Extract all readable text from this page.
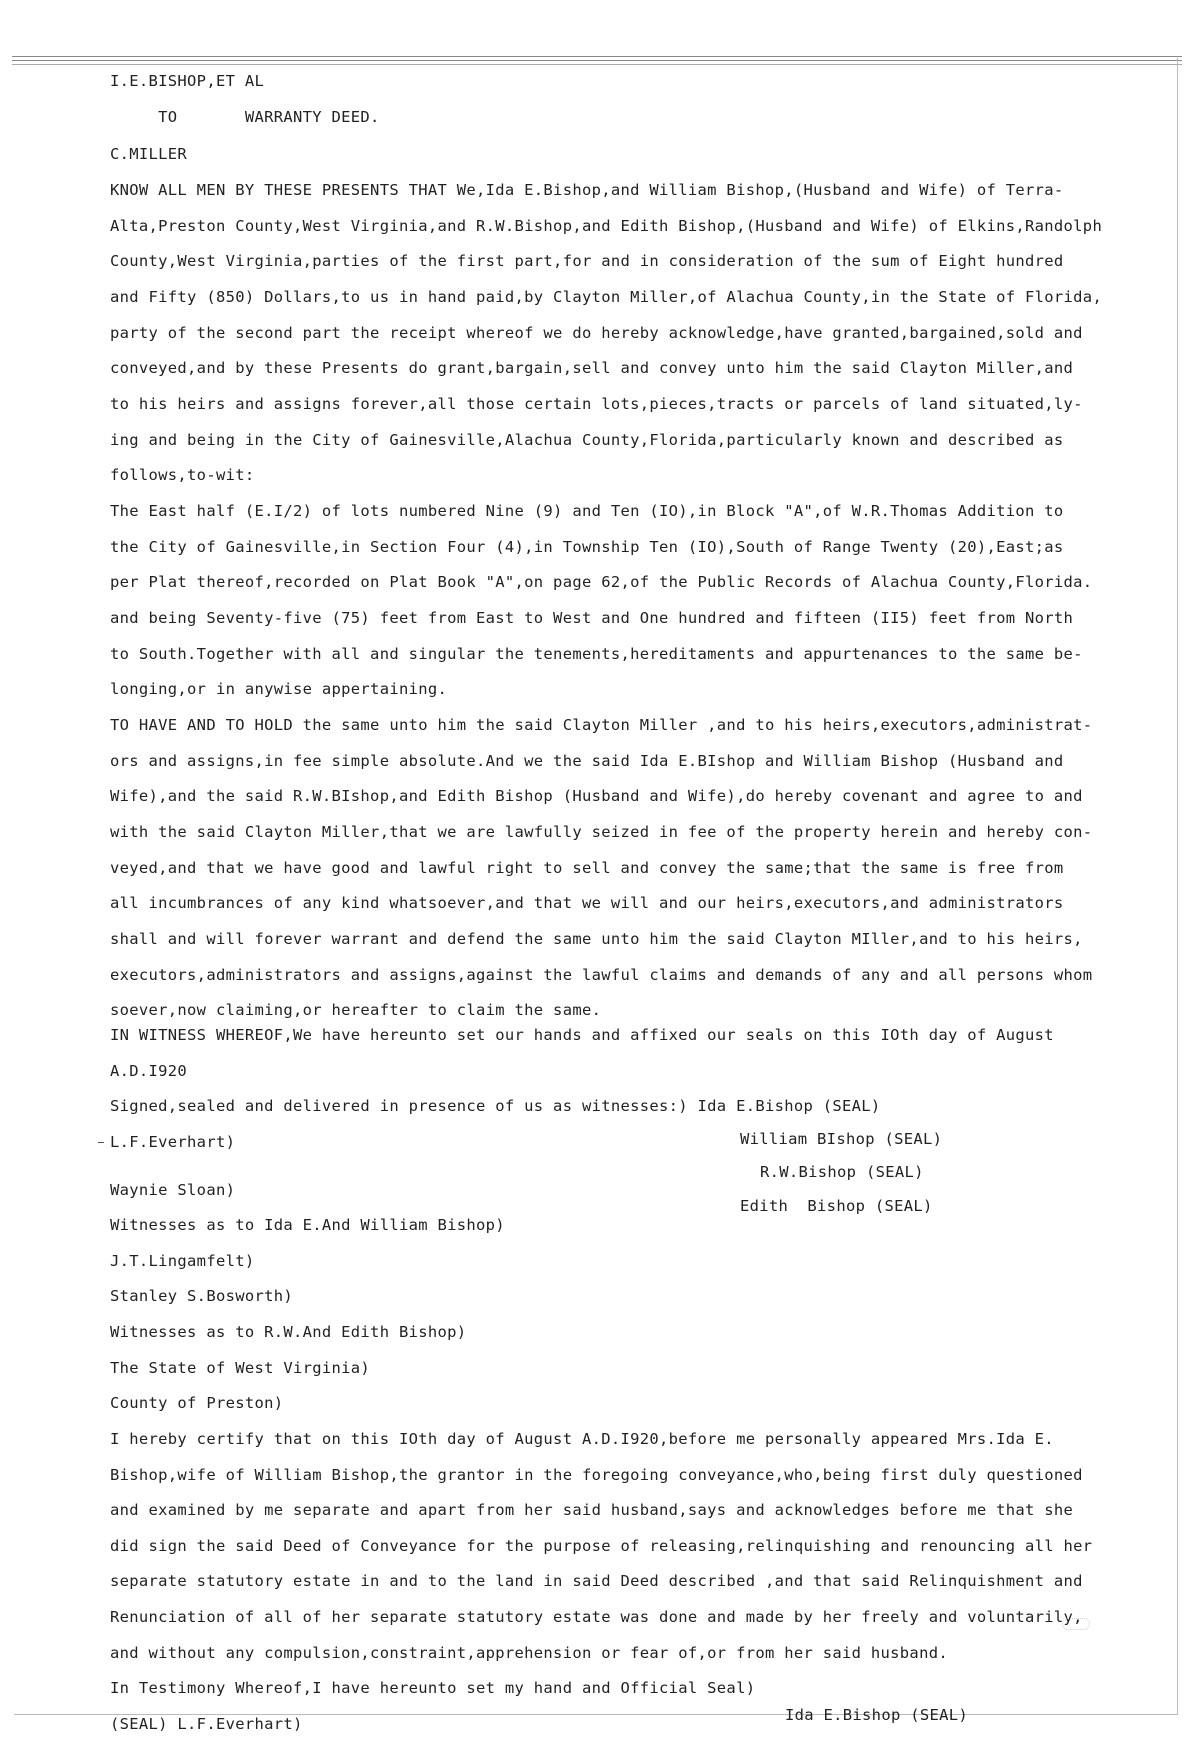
I.E.BISHOP,ET AL
TO       WARRANTY DEED.
C.MILLER
KNOW ALL MEN BY THESE PRESENTS THAT We,Ida E.Bishop,and William Bishop,(Husband and Wife) of Terra-
Alta,Preston County,West Virginia,and R.W.Bishop,and Edith Bishop,(Husband and Wife) of Elkins,Randolph
County,West Virginia,parties of the first part,for and in consideration of the sum of Eight hundred
and Fifty (850) Dollars,to us in hand paid,by Clayton Miller,of Alachua County,in the State of Florida,
party of the second part the receipt whereof we do hereby acknowledge,have granted,bargained,sold and
conveyed,and by these Presents do grant,bargain,sell and convey unto him the said Clayton Miller,and
to his heirs and assigns forever,all those certain lots,pieces,tracts or parcels of land situated,ly-
ing and being in the City of Gainesville,Alachua County,Florida,particularly known and described as
follows,to-wit:
The East half (E.I/2) of lots numbered Nine (9) and Ten (IO),in Block "A",of W.R.Thomas Addition to
the City of Gainesville,in Section Four (4),in Township Ten (IO),South of Range Twenty (20),East;as
per Plat thereof,recorded on Plat Book "A",on page 62,of the Public Records of Alachua County,Florida.
and being Seventy-five (75) feet from East to West and One hundred and fifteen (II5) feet from North
to South.Together with all and singular the tenements,hereditaments and appurtenances to the same be-
longing,or in anywise appertaining.
TO HAVE AND TO HOLD the same unto him the said Clayton Miller ,and to his heirs,executors,administrat-
ors and assigns,in fee simple absolute.And we the said Ida E.BIshop and William Bishop (Husband and
Wife),and the said R.W.BIshop,and Edith Bishop (Husband and Wife),do hereby covenant and agree to and
with the said Clayton Miller,that we are lawfully seized in fee of the property herein and hereby con-
veyed,and that we have good and lawful right to sell and convey the same;that the same is free from
all incumbrances of any kind whatsoever,and that we will and our heirs,executors,and administrators
shall and will forever warrant and defend the same unto him the said Clayton MIller,and to his heirs,
executors,administrators and assigns,against the lawful claims and demands of any and all persons whom
soever,now claiming,or hereafter to claim the same.
IN WITNESS WHEREOF,We have hereunto set our hands and affixed our seals on this IOth day of August
A.D.I920
Signed,sealed and delivered in presence of us as witnesses:) Ida E.Bishop (SEAL)
L.F.Everhart)
Waynie Sloan)
Witnesses as to Ida E.And William Bishop)
J.T.Lingamfelt)
Stanley S.Bosworth)
Witnesses as to R.W.And Edith Bishop)
The State of West Virginia)
County of Preston)
I hereby certify that on this IOth day of August A.D.I920,before me personally appeared Mrs.Ida E.
Bishop,wife of William Bishop,the grantor in the foregoing conveyance,who,being first duly questioned
and examined by me separate and apart from her said husband,says and acknowledges before me that she
did sign the said Deed of Conveyance for the purpose of releasing,relinquishing and renouncing all her
separate statutory estate in and to the land in said Deed described ,and that said Relinquishment and
Renunciation of all of her separate statutory estate was done and made by her freely and voluntarily,
and without any compulsion,constraint,apprehension or fear of,or from her said husband.
In Testimony Whereof,I have hereunto set my hand and Official Seal)
(SEAL) L.F.Everhart)
William BIshop (SEAL)
R.W.Bishop (SEAL)
Edith  Bishop (SEAL)
Ida E.Bishop (SEAL)
